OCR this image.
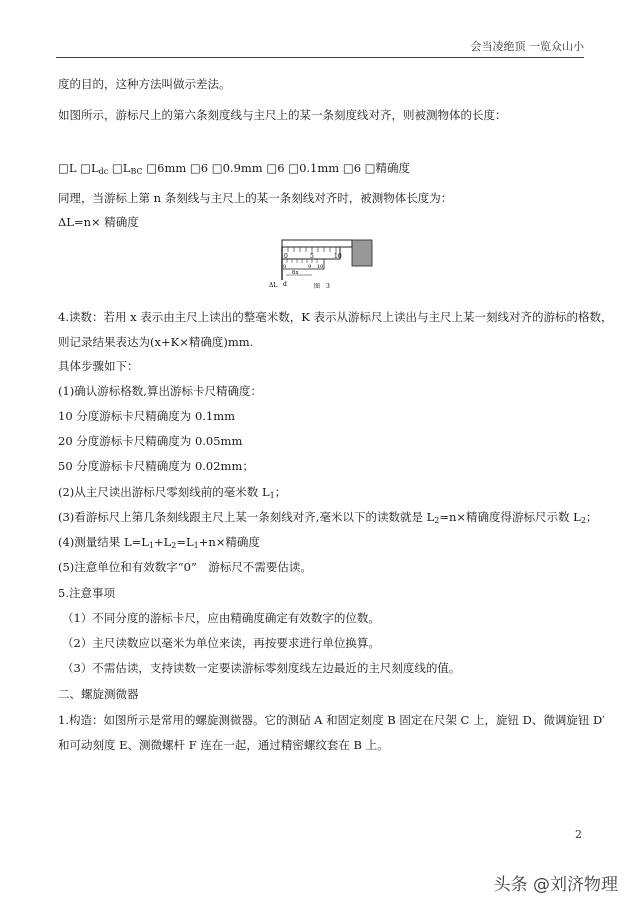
会当凌绝顶 一览众山小
度的目的，这种方法叫做示差法。
如图所示，游标尺上的第六条刻度线与主尺上的某一条刻度线对齐，则被测物体的长度：
□L $□L_{dc}$ $□L_{BC}$ □6mm □6 □0.9mm □6 □0.1mm □6 □精确度
同理，当游标上第 n 条刻线与主尺上的某一条刻线对齐时，被测物体长度为：
ΔL=n× 精确度
0	5	10
0	9 10
6x
ΔL d	图　3
4.读数：若用 x 表示由主尺上读出的整毫米数，K 表示从游标尺上读出与主尺上某一刻线对齐的游标的格数，
则记录结果表达为(x+K×精确度)mm.
具体步骤如下：
(1)确认游标格数,算出游标卡尺精确度：
10 分度游标卡尺精确度为 0.1mm
20 分度游标卡尺精确度为 0.05mm
50 分度游标卡尺精确度为 0.02mm；
(2)从主尺读出游标尺零刻线前的毫米数 $L_1$；
(3)看游标尺上第几条刻线跟主尺上某一条刻线对齐,毫米以下的读数就是 $L_2=n\times$精确度得游标尺示数 $L_2$；
(4)测量结果 $L=L_1+L_2=L_1+n\times$精确度
(5)注意单位和有效数字“0”　游标尺不需要估读。
5.注意事项
（1）不同分度的游标卡尺，应由精确度确定有效数字的位数。
（2）主尺读数应以毫米为单位来读，再按要求进行单位换算。
（3）不需估读，支持读数一定要读游标零刻度线左边最近的主尺刻度线的值。
二、螺旋测微器
1.构造：如图所示是常用的螺旋测微器。它的测砧 A 和固定刻度 B 固定在尺架 C 上，旋钮 D、微调旋钮 D′
和可动刻度 E、测微螺杆 F 连在一起，通过精密螺纹套在 B 上。
2
头条 @刘济物理
